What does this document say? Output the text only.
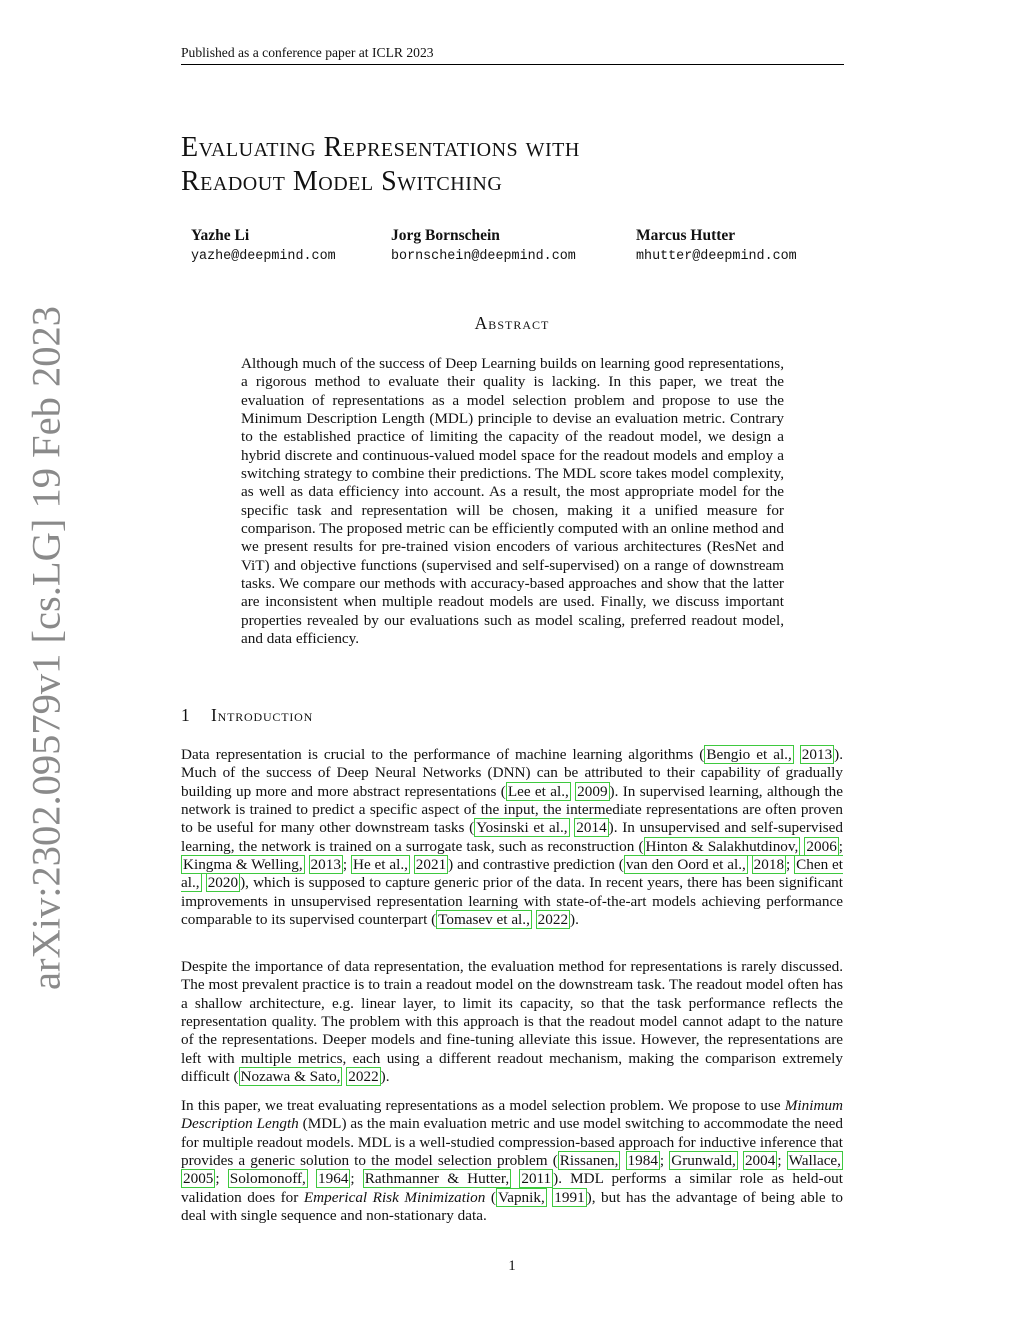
Published as a conference paper at ICLR 2023
Evaluating Representations with
Readout Model Switching
Yazhe Li
yazhe@deepmind.com
Jorg Bornschein
bornschein@deepmind.com
Marcus Hutter
mhutter@deepmind.com
Abstract

Although much of the success of Deep Learning builds on learning good representations, a rigorous method to evaluate their quality is lacking. In this paper, we treat the evaluation of representations as a model selection problem and propose to use the Minimum Description Length (MDL) principle to devise an evaluation metric. Contrary to the established practice of limiting the capacity of the readout model, we design a hybrid discrete and continuous-valued model space for the readout models and employ a switching strategy to combine their predictions. The MDL score takes model complexity, as well as data efficiency into account. As a result, the most appropriate model for the specific task and representation will be chosen, making it a unified measure for comparison. The proposed metric can be efficiently computed with an online method and we present results for pre-trained vision encoders of various architectures (ResNet and ViT) and objective functions (supervised and self-supervised) on a range of downstream tasks. We compare our methods with accuracy-based approaches and show that the latter are inconsistent when multiple readout models are used. Finally, we discuss important properties revealed by our evaluations such as model scaling, preferred readout model, and data efficiency.

arXiv:2302.09579v1 [cs.LG] 19 Feb 2023	1 Introduction

Data representation is crucial to the performance of machine learning algorithms ( Bengio et al., 2013 ). Much of the success of Deep Neural Networks (DNN) can be attributed to their capability of gradually building up more and more abstract representations ( Lee et al., 2009 ). In supervised learning, although the network is trained to predict a specific aspect of the input, the intermediate representations are often proven to be useful for many other downstream tasks ( Yosinski et al., 2014 ). In unsupervised and self-supervised learning, the network is trained on a surrogate task, such as reconstruction ( Hinton & Salakhutdinov, 2006 ; Kingma & Welling, 2013 ; He et al., 2021 ) and contrastive prediction ( van den Oord et al., 2018 ; Chen et al., 2020 ), which is supposed to capture generic prior of the data. In recent years, there has been significant improvements in unsupervised representation learning with state-of-the-art models achieving performance comparable to its supervised counterpart ( Tomasev et al., 2022 ).

Despite the importance of data representation, the evaluation method for representations is rarely discussed. The most prevalent practice is to train a readout model on the downstream task. The readout model often has a shallow architecture, e.g. linear layer, to limit its capacity, so that the task performance reflects the representation quality. The problem with this approach is that the readout model cannot adapt to the nature of the representations. Deeper models and fine-tuning alleviate this issue. However, the representations are left with multiple metrics, each using a different readout mechanism, making the comparison extremely difficult ( Nozawa & Sato, 2022 ).

In this paper, we treat evaluating representations as a model selection problem. We propose to use Minimum Description Length (MDL) as the main evaluation metric and use model switching to accommodate the need for multiple readout models. MDL is a well-studied compression-based approach for inductive inference that provides a generic solution to the model selection problem ( Rissanen, 1984 ; Grunwald, 2004 ; Wallace, 2005 ; Solomonoff, 1964 ; Rathmanner & Hutter, 2011 ). MDL performs a similar role as held-out validation does for Emperical Risk Minimization ( Vapnik, 1991 ), but has the advantage of being able to deal with single sequence and non-stationary data.

1
